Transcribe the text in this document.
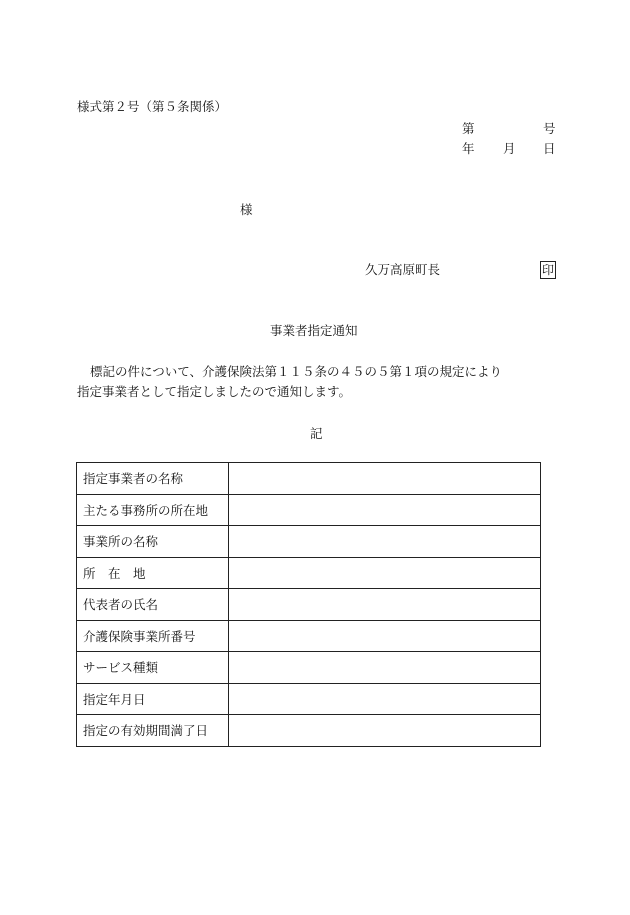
様式第２号（第５条関係）
第	号
年 月 日
様
久万高原町長	印
事業者指定通知
標記の件について、介護保険法第１１５条の４５の５第１項の規定により
指定事業者として指定しましたので通知します。
記
指定事業者の名称	
主たる事務所の所在地	
事業所の名称	
所　在　地	
代表者の氏名	
介護保険事業所番号	
サービス種類	
指定年月日	
指定の有効期間満了日	
